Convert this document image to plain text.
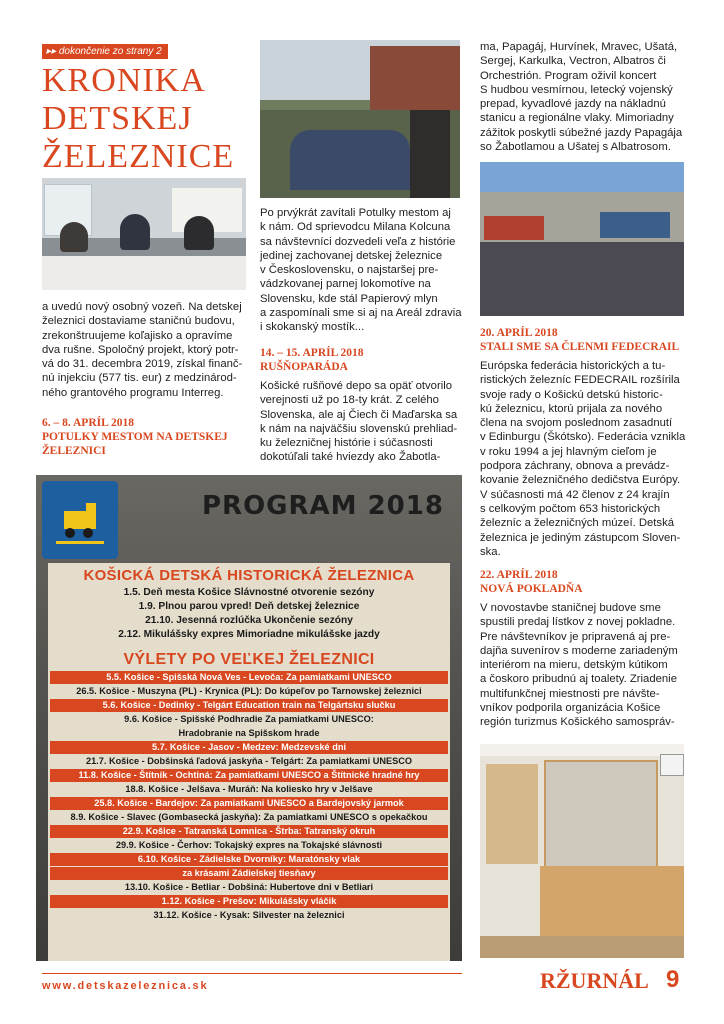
▸▸ dokončenie zo strany 2
KRONIKA
DETSKEJ
ŽELEZNICE

a uvedú nový osobný vozeň. Na detskej

železnici dostaviame staničnú budovu,

zrekonštruujeme koľajisko a opravíme

dva rušne. Spoločný projekt, ktorý potr-

vá do 31. decembra 2019, získal finanč-

nú injekciu (577 tis. eur) z medzinárod-

ného grantového programu Interreg.

6. – 8. APRÍL 2018
POTULKY MESTOM NA DETSKEJ
ŽELEZNICI

Po prvýkrát zavítali Potulky mestom aj

k nám. Od sprievodcu Milana Kolcuna

sa návštevníci dozvedeli veľa z histórie

jedinej zachovanej detskej železnice

v Československu, o najstaršej pre-

vádzkovanej parnej lokomotíve na

Slovensku, kde stál Papierový mlyn

a zaspomínali sme si aj na Areál zdravia

i skokanský mostík...

14. – 15. APRÍL 2018
RUŠŇOPARÁDA

Košické rušňové depo sa opäť otvorilo

verejnosti už po 18-ty krát. Z celého

Slovenska, ale aj Čiech či Maďarska sa

k nám na najväčšiu slovenskú prehliad-

ku železničnej histórie i súčasnosti

dokotúľali také hviezdy ako Žabotla-

ma, Papagáj, Hurvínek, Mravec, Ušatá,

Sergej, Karkulka, Vectron, Albatros či

Orchestrión. Program oživil koncert

S hudbou vesmírnou, letecký vojenský

prepad, kyvadlové jazdy na nákladnú

stanicu a regionálne vlaky. Mimoriadny

zážitok poskytli súbežné jazdy Papagája

so Žabotlamou a Ušatej s Albatrosom.

20. APRÍL 2018
STALI SME SA ČLENMI FEDECRAIL

Európska federácia historických a tu-

ristických železníc FEDECRAIL rozšírila

svoje rady o Košickú detskú historic-

kú železnicu, ktorú prijala za nového

člena na svojom poslednom zasadnutí

v Edinburgu (Škótsko). Federácia vznikla

v roku 1994 a jej hlavným cieľom je

podpora záchrany, obnova a prevádz-

kovanie železničného dedičstva Európy.

V súčasnosti má 42 členov z 24 krajín

s celkovým počtom 653 historických

železníc a železničných múzeí. Detská

železnica je jediným zástupcom Sloven-

ska.

22. APRÍL 2018
NOVÁ POKLADŇA

V novostavbe staničnej budove sme

spustili predaj lístkov z novej pokladne.

Pre návštevníkov je pripravená aj pre-

dajňa suvenírov s moderne zariadeným

interiérom na mieru, detským kútikom

a čoskoro pribudnú aj toalety. Zriadenie

multifunkčnej miestnosti pre návšte-

vníkov podporila organizácia Košice

región turizmus Košického samospráv-

PROGRAM 2018
KOŠICKÁ DETSKÁ HISTORICKÁ ŽELEZNICA
1.5. Deň mesta Košice Slávnostné otvorenie sezóny
1.9. Plnou parou vpred! Deň detskej železnice
21.10. Jesenná rozlúčka Ukončenie sezóny
2.12. Mikulášsky expres Mimoriadne mikulášske jazdy
VÝLETY PO VEĽKEJ ŽELEZNICI
5.5. Košice - Spišská Nová Ves - Levoča: Za pamiatkami UNESCO
26.5. Košice - Muszyna (PL) - Krynica (PL): Do kúpeľov po Tarnowskej železnici
5.6. Košice - Dedinky - Telgárt Education train na Telgártsku slučku
9.6. Košice - Spišské Podhradie Za pamiatkami UNESCO:
Hradobranie na Spišskom hrade
5.7. Košice - Jasov - Medzev: Medzevské dni
21.7. Košice - Dobšinská ľadová jaskyňa - Telgárt: Za pamiatkami UNESCO
11.8. Košice - Štítnik - Ochtiná: Za pamiatkami UNESCO a Štítnické hradné hry
18.8. Košice - Jelšava - Muráň: Na koliesko hry v Jelšave
25.8. Košice - Bardejov: Za pamiatkami UNESCO a Bardejovský jarmok
8.9. Košice - Slavec (Gombasecká jaskyňa): Za pamiatkami UNESCO s opekačkou
22.9. Košice - Tatranská Lomnica - Štrba: Tatranský okruh
29.9. Košice - Čerhov: Tokajský expres na Tokajské slávnosti
6.10. Košice - Zádielske Dvorníky: Maratónsky vlak
za krásami Zádielskej tiesňavy
13.10. Košice - Betliar - Dobšiná: Hubertove dni v Betliari
1.12. Košice - Prešov: Mikulášsky vláčik
31.12. Košice - Kysak: Silvester na železnici
www.detskazeleznica.sk	RŽURNÁL 9
